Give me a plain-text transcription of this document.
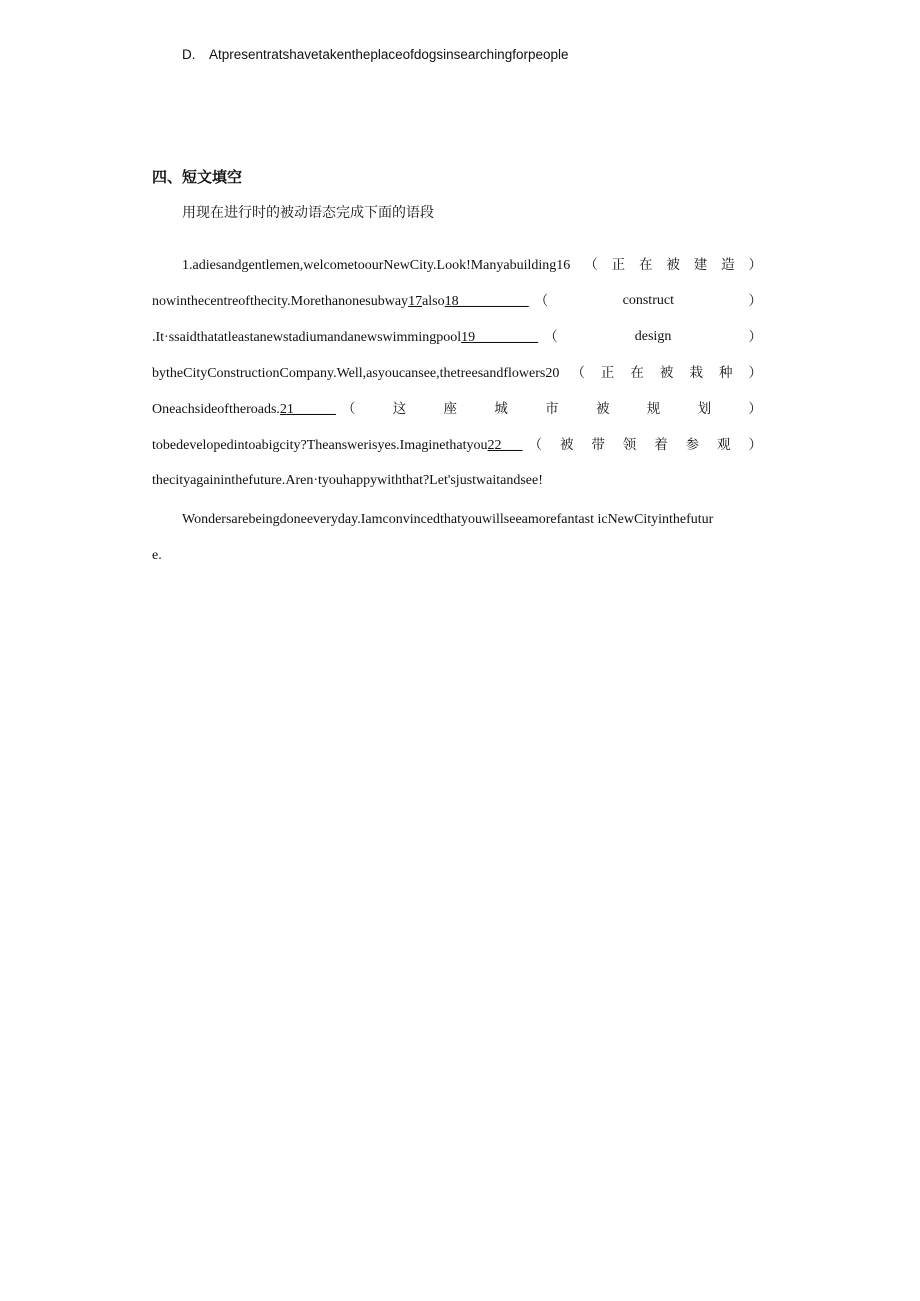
D. Atpresentratshavetakentheplaceofdogsinsearchingforpeople
四、短文填空
用现在进行时的被动语态完成下面的语段
1.adiesandgentlemen,welcometoourNewCity.Look!Manyabuilding16 （ 正 在 被 建 造 ）
nowinthecentreofthecity.Morethanonesubway 17 also 18__________ （	construct	）
.It·ssaidthatatleastanewstadiumandanewswimmingpool 19_________ （	design	）
bytheCityConstructionCompany.Well,asyoucansee,thetreesandflowers20 （ 正 在 被 栽 种 ）
Oneachsideoftheroads. 21______ （	这	座	城	市	被	规	划	）
tobedevelopedintoabigcity?Theanswerisyes.Imaginethatyou 22___ （ 被 带 领 着 参 观 ）
thecityagaininthefuture.Aren·tyouhappywiththat?Let'sjustwaitandsee!
Wondersarebeingdoneeveryday.Iamconvincedthatyouwillseeamorefantast icNewCityinthefutur
e.
